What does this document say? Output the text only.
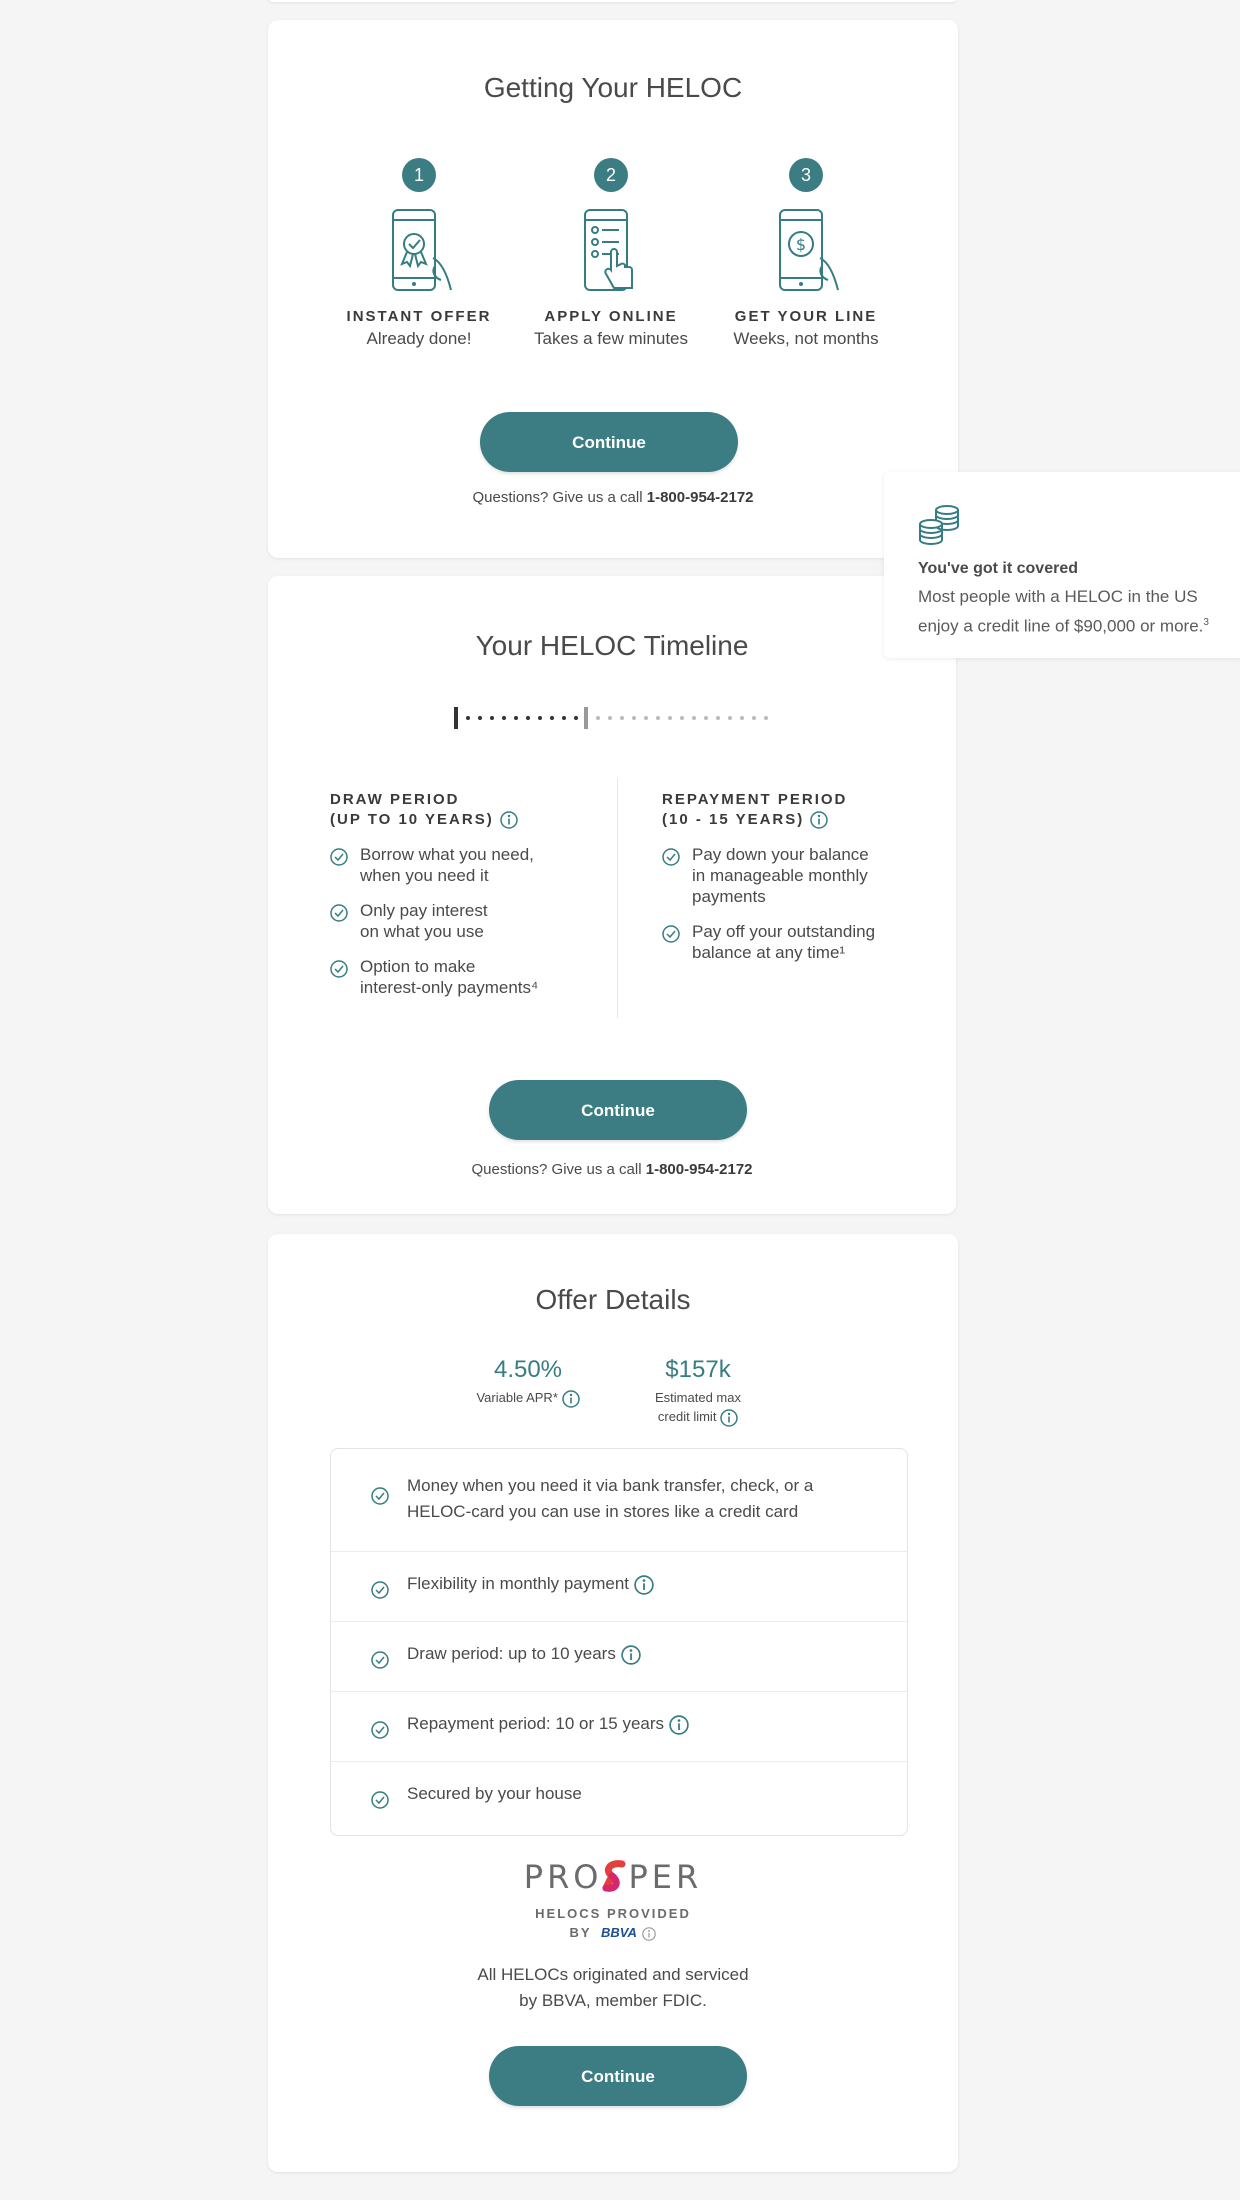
Getting Your HELOC
1
INSTANT OFFER
Already done!
2
APPLY ONLINE
Takes a few minutes
3
$
GET YOUR LINE
Weeks, not months
Continue
Questions? Give us a call 1-800-954-2172
Your HELOC Timeline
DRAW PERIOD
(UP TO 10 YEARS)
Borrow what you need,
when you need it
Only pay interest
on what you use
Option to make
interest-only payments⁴
REPAYMENT PERIOD
(10 - 15 YEARS)
Pay down your balance
in manageable monthly
payments
Pay off your outstanding
balance at any time¹
Continue
Questions? Give us a call 1-800-954-2172
Offer Details
4.50%
Variable APR*
$157k
Estimated max
credit limit
Money when you need it via bank transfer, check, or a HELOC-card you can use in stores like a credit card
Flexibility in monthly payment
Draw period: up to 10 years
Repayment period: 10 or 15 years
Secured by your house
PRO PER
HELOCS PROVIDED
BY BBVA
All HELOCs originated and serviced
by BBVA, member FDIC.
Continue
You've got it covered
Most people with a HELOC in the US enjoy a credit line of $90,000 or more.$^3$
